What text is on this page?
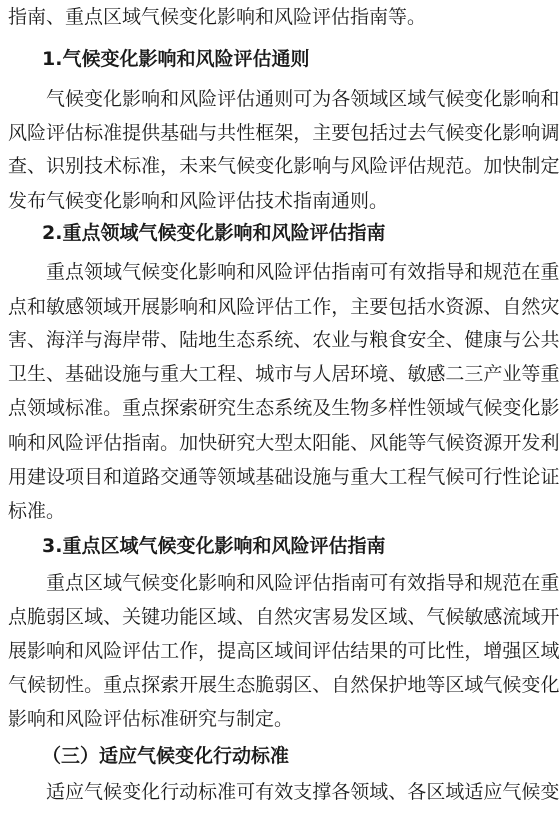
指南、重点区域气候变化影响和风险评估指南等。
1.气候变化影响和风险评估通则
气 候 变 化 影 响 和 风 险 评 估 通 则 可 为 各 领 域 区 域 气 候 变 化 影 响 和
风 险 评 估 标 准 提 供 基 础 与 共 性 框 架 ， 主 要 包 括 过 去 气 候 变 化 影 响 调
查 、 识 别 技 术 标 准 ， 未 来 气 候 变 化 影 响 与 风 险 评 估 规 范 。 加 快 制 定
发布气候变化影响和风险评估技术指南通则。
2.重点领域气候变化影响和风险评估指南
重 点 领 域 气 候 变 化 影 响 和 风 险 评 估 指 南 可 有 效 指 导 和 规 范 在 重
点 和 敏 感 领 域 开 展 影 响 和 风 险 评 估 工 作 ， 主 要 包 括 水 资 源 、 自 然 灾
害 、 海 洋 与 海 岸 带 、 陆 地 生 态 系 统 、 农 业 与 粮 食 安 全 、 健 康 与 公 共
卫 生 、 基 础 设 施 与 重 大 工 程 、 城 市 与 人 居 环 境 、 敏 感 二 三 产 业 等 重
点 领 域 标 准 。 重 点 探 索 研 究 生 态 系 统 及 生 物 多 样 性 领 域 气 候 变 化 影
响 和 风 险 评 估 指 南 。 加 快 研 究 大 型 太 阳 能 、 风 能 等 气 候 资 源 开 发 利
用 建 设 项 目 和 道 路 交 通 等 领 域 基 础 设 施 与 重 大 工 程 气 候 可 行 性 论 证
标准。
3.重点区域气候变化影响和风险评估指南
重 点 区 域 气 候 变 化 影 响 和 风 险 评 估 指 南 可 有 效 指 导 和 规 范 在 重
点 脆 弱 区 域 、 关 键 功 能 区 域 、 自 然 灾 害 易 发 区 域 、 气 候 敏 感 流 域 开
展 影 响 和 风 险 评 估 工 作 ， 提 高 区 域 间 评 估 结 果 的 可 比 性 ， 增 强 区 域
气 候 韧 性 。 重 点 探 索 开 展 生 态 脆 弱 区 、 自 然 保 护 地 等 区 域 气 候 变 化
影响和风险评估标准研究与制定。
（三）适应气候变化行动标准
适 应 气 候 变 化 行 动 标 准 可 有 效 支 撑 各 领 域 、 各 区 域 适 应 气 候 变
